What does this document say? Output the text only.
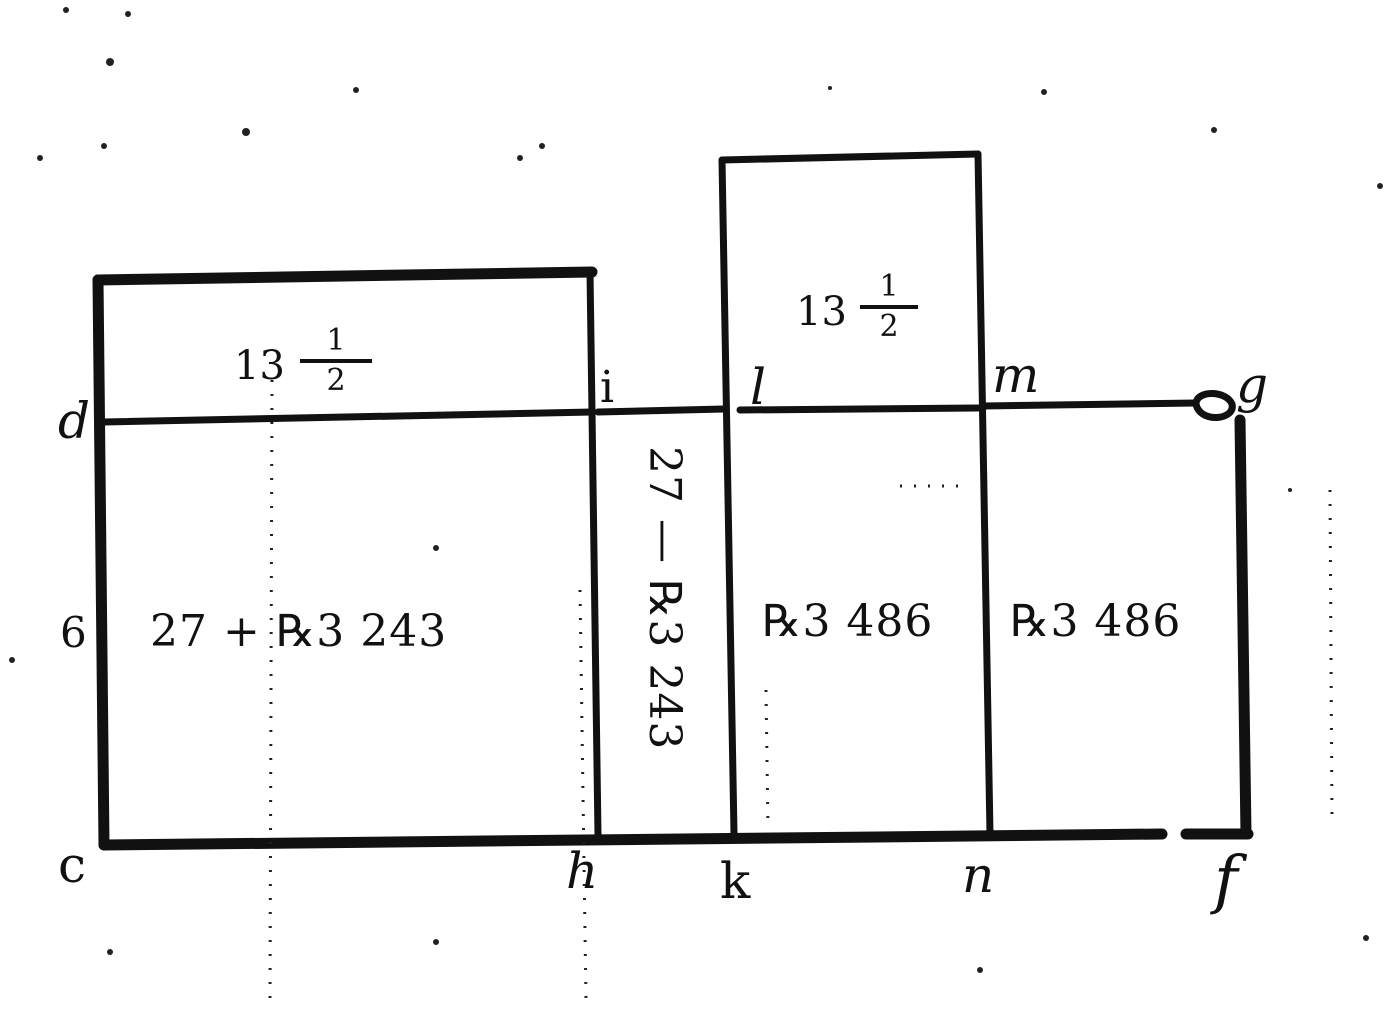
d
6
c
i
h
l
k
m
n
g
f
13
1
2
13
1
2
27 + ℞3 243	27 — ℞3 243 ℞3 486 ℞3 486
